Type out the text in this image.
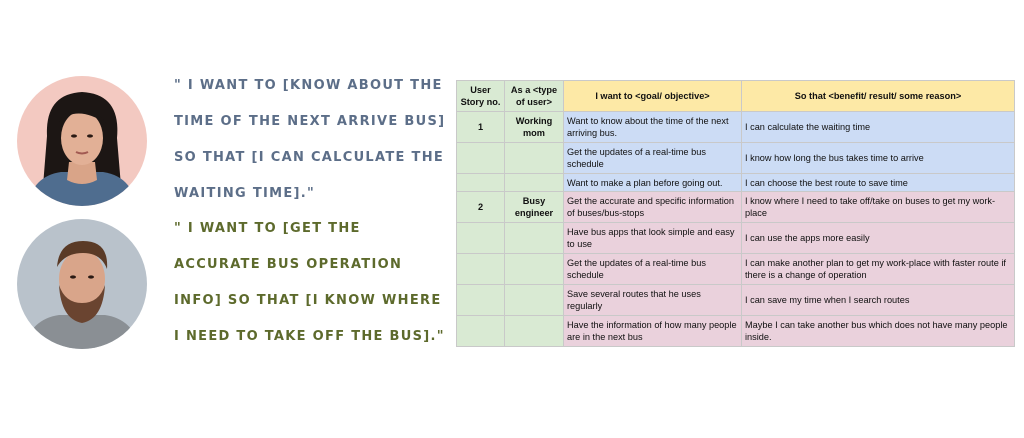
" I WANT TO [KNOW ABOUT THE TIME OF THE NEXT ARRIVE BUS] SO THAT [I CAN CALCULATE THE WAITING TIME]."
" I WANT TO [GET THE ACCURATE BUS OPERATION INFO] SO THAT [I KNOW WHERE I NEED TO TAKE OFF THE BUS]."
User Story no.	As a <type of user>	I want to <goal/ objective>	So that <benefit/ result/ some reason>
1	Working mom	Want to know about the time of the next arriving bus.	I can calculate the waiting time
		Get the updates of a real-time bus schedule	I know how long the bus takes time to arrive
		Want to make a plan before going out.	I can choose the best route to save time
2	Busy engineer	Get the accurate and specific information of buses/bus-stops	I know where I need to take off/take on buses to get my work-place
		Have bus apps that look simple and easy to use	I can use the apps more easily
		Get the updates of a real-time bus schedule	I can make another plan to get my work-place with faster route if there is a change of operation
		Save several routes that he uses regularly	I can save my time when I search routes
		Have the information of how many people are in the next bus	Maybe I can take another bus which does not have many people inside.
